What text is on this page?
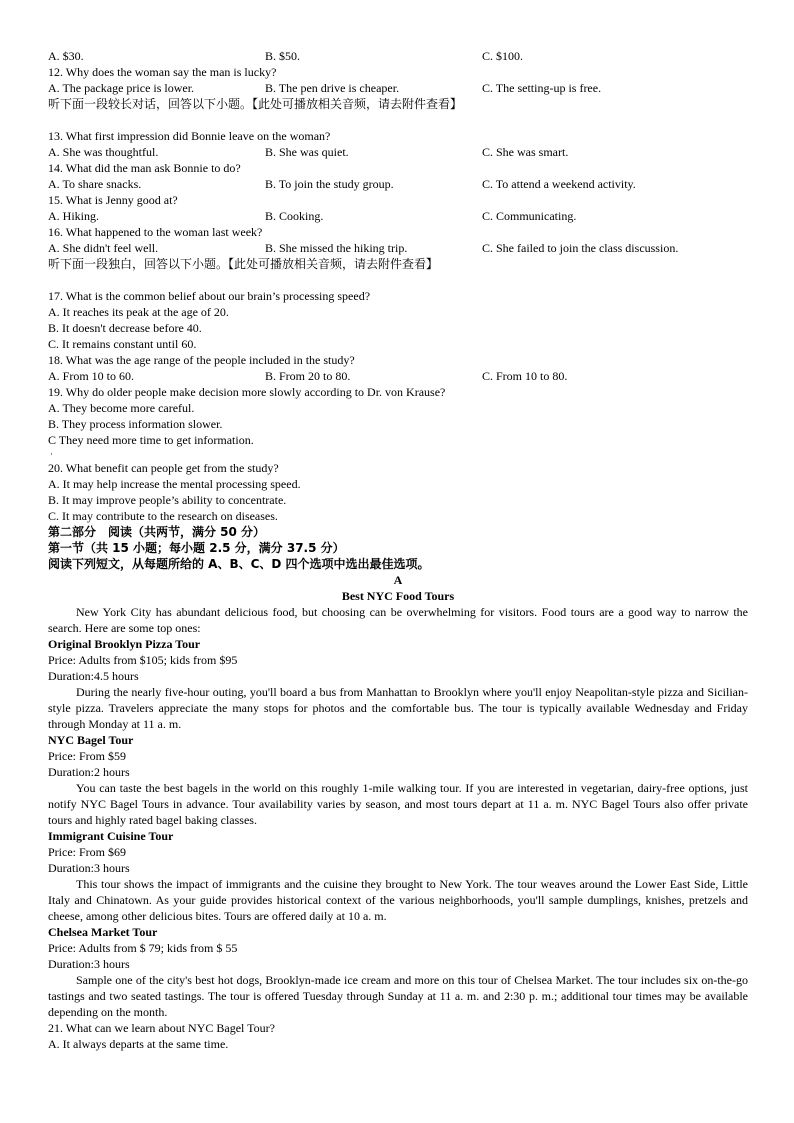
A. $30.	B. $50.	C. $100.
12. Why does the woman say the man is lucky?
A. The package price is lower.	B. The pen drive is cheaper.	C. The setting-up is free.
听下面一段较长对话，回答以下小题。【此处可播放相关音频，请去附件查看】
13. What first impression did Bonnie leave on the woman?
A. She was thoughtful.	B. She was quiet.	C. She was smart.
14. What did the man ask Bonnie to do?
A. To share snacks.	B. To join the study group.	C. To attend a weekend activity.
15. What is Jenny good at?
A. Hiking.	B. Cooking.	C. Communicating.
16. What happened to the woman last week?
A. She didn't feel well.	B. She missed the hiking trip.	C. She failed to join the class discussion.
听下面一段独白，回答以下小题。【此处可播放相关音频，请去附件查看】
17. What is the common belief about our brain’s processing speed?
A. It reaches its peak at the age of 20.
B. It doesn't decrease before 40.
C. It remains constant until 60.
18. What was the age range of the people included in the study?
A. From 10 to 60.	B. From 20 to 80.	C. From 10 to 80.
19. Why do older people make decision more slowly according to Dr. von Krause?
A. They become more careful.
B. They process information slower.
C They need more time to get information.
·
20. What benefit can people get from the study?
A. It may help increase the mental processing speed.
B. It may improve people’s ability to concentrate.
C. It may contribute to the research on diseases.
第二部分　阅读（共两节，满分 50 分）
第一节（共 15 小题；每小题 2.5 分，满分 37.5 分）
阅读下列短文，从每题所给的 A、B、C、D 四个选项中选出最佳选项。
A
Best NYC Food Tours
New York City has abundant delicious food, but choosing can be overwhelming for visitors. Food tours are a good way to narrow the search. Here are some top ones:
Original Brooklyn Pizza Tour
Price: Adults from $105; kids from $95
Duration:4.5 hours
During the nearly five-hour outing, you'll board a bus from Manhattan to Brooklyn where you'll enjoy Neapolitan-style pizza and Sicilian-style pizza. Travelers appreciate the many stops for photos and the comfortable bus. The tour is typically available Wednesday and Friday through Monday at 11 a. m.
NYC Bagel Tour
Price: From $59
Duration:2 hours
You can taste the best bagels in the world on this roughly 1-mile walking tour. If you are interested in vegetarian, dairy-free options, just notify NYC Bagel Tours in advance. Tour availability varies by season, and most tours depart at 11 a. m. NYC Bagel Tours also offer private tours and highly rated bagel baking classes.
Immigrant Cuisine Tour
Price: From $69
Duration:3 hours
This tour shows the impact of immigrants and the cuisine they brought to New York. The tour weaves around the Lower East Side, Little Italy and Chinatown. As your guide provides historical context of the various neighborhoods, you'll sample dumplings, knishes, pretzels and cheese, among other delicious bites. Tours are offered daily at 10 a. m.
Chelsea Market Tour
Price: Adults from $ 79; kids from $ 55
Duration:3 hours
Sample one of the city's best hot dogs, Brooklyn-made ice cream and more on this tour of Chelsea Market. The tour includes six on-the-go tastings and two seated tastings. The tour is offered Tuesday through Sunday at 11 a. m. and 2:30 p. m.; additional tour times may be available depending on the month.
21. What can we learn about NYC Bagel Tour?
A. It always departs at the same time.
